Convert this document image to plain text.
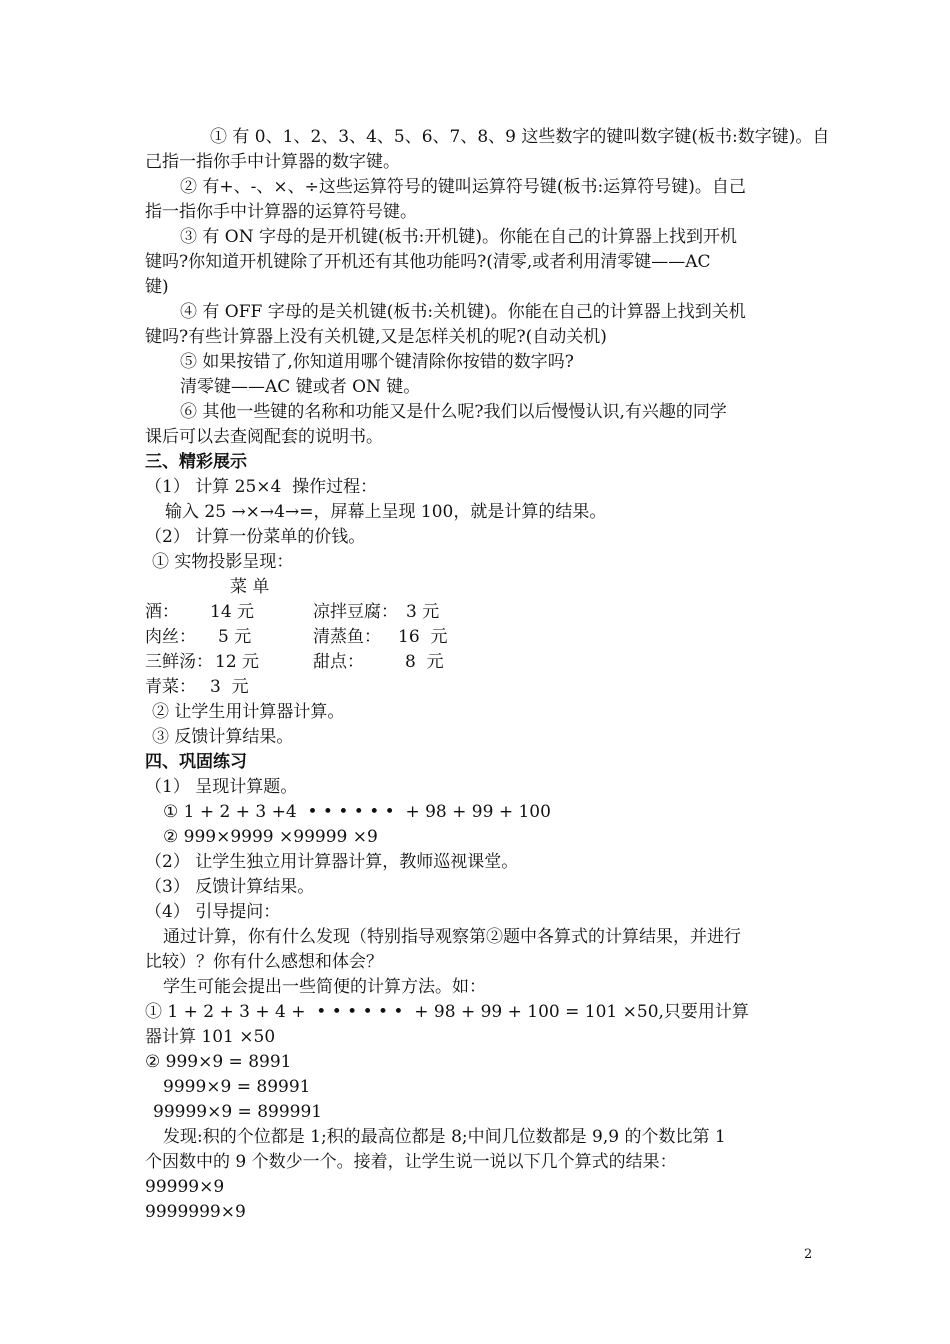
① 有 0、1、2、3、4、5、6、7、8、9 这些数字的键叫数字键(板书:数字键)。自
己指一指你手中计算器的数字键。
② 有+、-、×、÷这些运算符号的键叫运算符号键(板书:运算符号键)。自己
指一指你手中计算器的运算符号键。
③ 有 ON 字母的是开机键(板书:开机键)。你能在自己的计算器上找到开机
键吗?你知道开机键除了开机还有其他功能吗?(清零,或者利用清零键——AC
键)
④ 有 OFF 字母的是关机键(板书:关机键)。你能在自己的计算器上找到关机
键吗?有些计算器上没有关机键,又是怎样关机的呢?(自动关机)
⑤ 如果按错了,你知道用哪个键清除你按错的数字吗?
清零键——AC 键或者 ON 键。
⑥ 其他一些键的名称和功能又是什么呢?我们以后慢慢认识,有兴趣的同学
课后可以去查阅配套的说明书。
三、精彩展示
（1） 计算 25×4  操作过程：
输入 25 →×→4→=，屏幕上呈现 100，就是计算的结果。
（2） 计算一份菜单的价钱。
① 实物投影呈现：
菜 单
酒： 14 元	凉拌豆腐： 3 元
肉丝： 5 元	清蒸鱼： 16  元
三鲜汤： 12 元	甜点： 8  元
青菜： 3  元
② 让学生用计算器计算。
③ 反馈计算结果。
四、巩固练习
（1） 呈现计算题。
① 1 + 2 + 3 +4  • • • • • •  + 98 + 99 + 100
② 999×9999 ×99999 ×9
（2） 让学生独立用计算器计算，教师巡视课堂。
（3） 反馈计算结果。
（4） 引导提问：
通过计算，你有什么发现（特别指导观察第②题中各算式的计算结果，并进行
比较）？你有什么感想和体会？
学生可能会提出一些简便的计算方法。如：
① 1 + 2 + 3 + 4 +  • • • • • •  + 98 + 99 + 100 = 101 ×50,只要用计算
器计算 101 ×50
② 999×9 = 8991
9999×9 = 89991
99999×9 = 899991
发现:积的个位都是 1;积的最高位都是 8;中间几位数都是 9,9 的个数比第 1
个因数中的 9 个数少一个。接着，让学生说一说以下几个算式的结果：
99999×9
9999999×9
2
